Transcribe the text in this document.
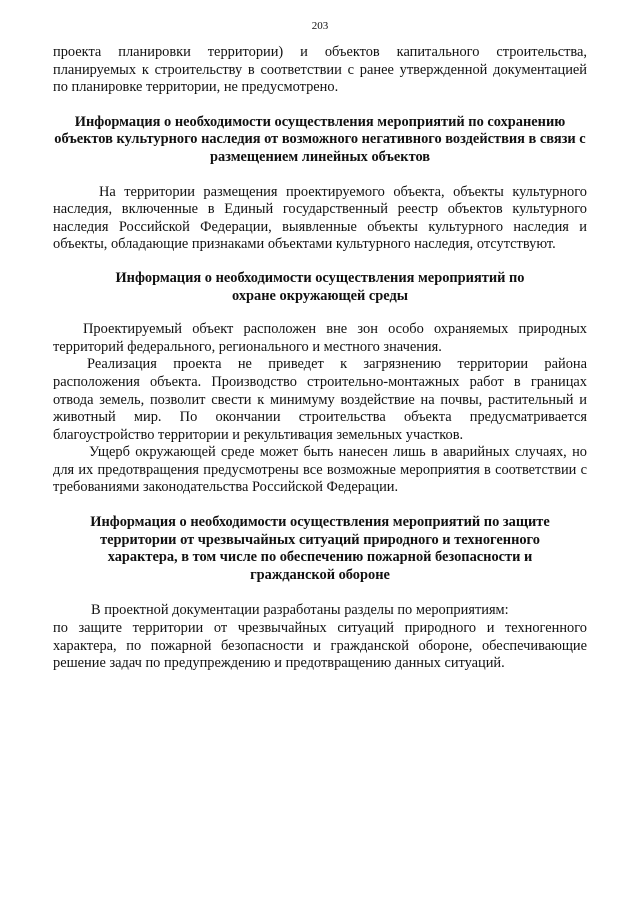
203

проекта планировки территории) и объектов капитального строительства, планируемых к строительству в соответствии с ранее утвержденной документацией по планировке территории, не предусмотрено.

Информация о необходимости осуществления мероприятий по сохранению объектов культурного наследия от возможного негативного воздействия в связи с размещением линейных объектов

На территории размещения проектируемого объекта, объекты культурного наследия, включенные в Единый государственный реестр объектов культурного наследия Российской Федерации, выявленные объекты культурного наследия и объекты, обладающие признаками объектами культурного наследия, отсутствуют.

Информация о необходимости осуществления мероприятий по охране окружающей среды

Проектируемый объект расположен вне зон особо охраняемых природных территорий федерального, регионального и местного значения.

Реализация проекта не приведет к загрязнению территории района расположения объекта. Производство строительно-монтажных работ в границах отвода земель, позволит свести к минимуму воздействие на почвы, растительный и животный мир. По окончании строительства объекта предусматривается благоустройство территории и рекультивация земельных участков.

Ущерб окружающей среде может быть нанесен лишь в аварийных случаях, но для их предотвращения предусмотрены все возможные мероприятия в соответствии с требованиями законодательства Российской Федерации.

Информация о необходимости осуществления мероприятий по защите территории от чрезвычайных ситуаций природного и техногенного характера, в том числе по обеспечению пожарной безопасности и гражданской обороне

В проектной документации разработаны разделы по мероприятиям:

по защите территории от чрезвычайных ситуаций природного и техногенного характера, по пожарной безопасности и гражданской обороне, обеспечивающие решение задач по предупреждению и предотвращению данных ситуаций.
